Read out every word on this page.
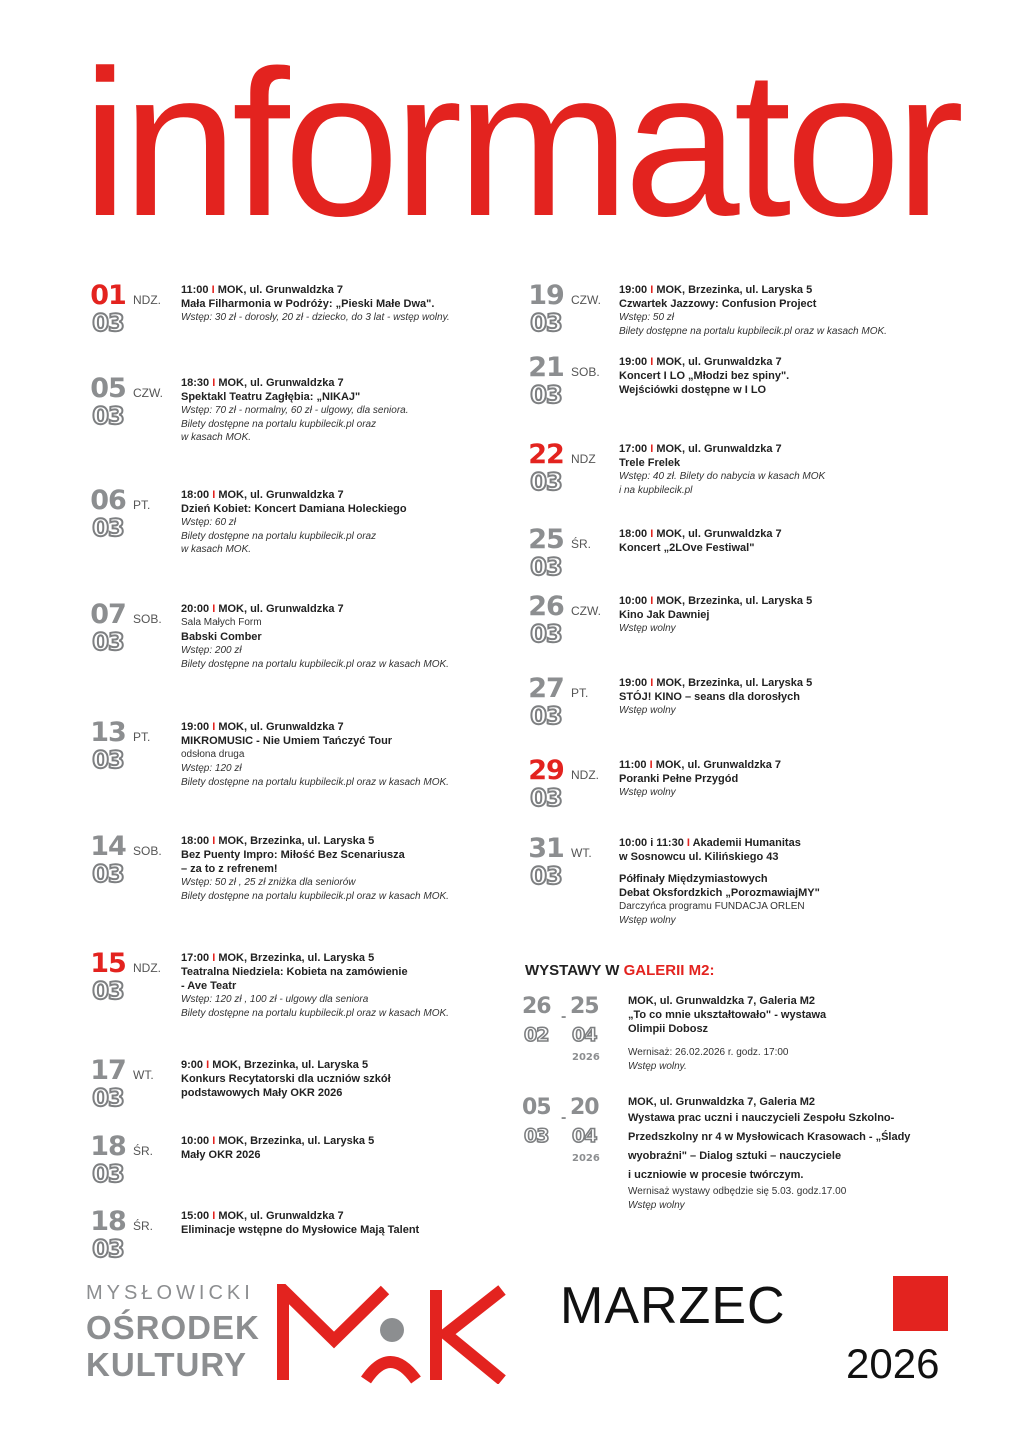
informator
01
03
NDZ.
11:00 I MOK, ul. Grunwaldzka 7
Mała Filharmonia w Podróży: „Pieski Małe Dwa".
Wstęp: 30 zł - dorosły, 20 zł - dziecko, do 3 lat - wstęp wolny.
05
03
CZW.
18:30 I MOK, ul. Grunwaldzka 7
Spektakl Teatru Zagłębia: „NIKAJ"
Wstęp: 70 zł - normalny, 60 zł - ulgowy, dla seniora.
Bilety dostępne na portalu kupbilecik.pl oraz
w kasach MOK.
06
03
PT.
18:00 I MOK, ul. Grunwaldzka 7
Dzień Kobiet: Koncert Damiana Holeckiego
Wstęp: 60 zł
Bilety dostępne na portalu kupbilecik.pl oraz
w kasach MOK.
07
03
SOB.
20:00 I MOK, ul. Grunwaldzka 7
Sala Małych Form
Babski Comber
Wstęp: 200 zł
Bilety dostępne na portalu kupbilecik.pl oraz w kasach MOK.
13
03
PT.
19:00 I MOK, ul. Grunwaldzka 7
MIKROMUSIC - Nie Umiem Tańczyć Tour
odsłona druga
Wstęp: 120 zł
Bilety dostępne na portalu kupbilecik.pl oraz w kasach MOK.
14
03
SOB.
18:00 I MOK, Brzezinka, ul. Laryska 5
Bez Puenty Impro: Miłość Bez Scenariusza
– za to z refrenem!
Wstęp: 50 zł , 25 zł zniżka dla seniorów
Bilety dostępne na portalu kupbilecik.pl oraz w kasach MOK.
15
03
NDZ.
17:00 I MOK, Brzezinka, ul. Laryska 5
Teatralna Niedziela: Kobieta na zamówienie
- Ave Teatr
Wstęp: 120 zł , 100 zł - ulgowy dla seniora
Bilety dostępne na portalu kupbilecik.pl oraz w kasach MOK.
17
03
WT.
9:00 I MOK, Brzezinka, ul. Laryska 5
Konkurs Recytatorski dla uczniów szkół
podstawowych Mały OKR 2026
18
03
ŚR.
10:00 I MOK, Brzezinka, ul. Laryska 5
Mały OKR 2026
18
03
ŚR.
15:00 I MOK, ul. Grunwaldzka 7
Eliminacje wstępne do Mysłowice Mają Talent
19
03
CZW.
19:00 I MOK, Brzezinka, ul. Laryska 5
Czwartek Jazzowy: Confusion Project
Wstęp: 50 zł
Bilety dostępne na portalu kupbilecik.pl oraz w kasach MOK.
21
03
SOB.
19:00 I MOK, ul. Grunwaldzka 7
Koncert I LO „Młodzi bez spiny".
Wejściówki dostępne w I LO
22
03
NDZ
17:00 I MOK, ul. Grunwaldzka 7
Trele Frelek
Wstęp: 40 zł. Bilety do nabycia w kasach MOK
i na kupbilecik.pl
25
03
ŚR.
18:00 I MOK, ul. Grunwaldzka 7
Koncert „2LOve Festiwal"
26
03
CZW.
10:00 I MOK, Brzezinka, ul. Laryska 5
Kino Jak Dawniej
Wstęp wolny
27
03
PT.
19:00 I MOK, Brzezinka, ul. Laryska 5
STÓJ! KINO – seans dla dorosłych
Wstęp wolny
29
03
NDZ.
11:00 I MOK, ul. Grunwaldzka 7
Poranki Pełne Przygód
Wstęp wolny
31
03
WT.
10:00 i 11:30 I Akademii Humanitas
w Sosnowcu ul. Kilińskiego 43
Półfinały Międzymiastowych
Debat Oksfordzkich „PorozmawiajMY"
Darczyńca programu FUNDACJA ORLEN
Wstęp wolny
WYSTAWY W GALERII M2:
26 25
02 04
-
2026
MOK, ul. Grunwaldzka 7, Galeria M2
„To co mnie ukształtowało" - wystawa
Olimpii Dobosz
Wernisaż: 26.02.2026 r. godz. 17:00
Wstęp wolny.
05 20
03 04
-
2026
MOK, ul. Grunwaldzka 7, Galeria M2
Wystawa prac uczni i nauczycieli Zespołu Szkolno-
Przedszkolny nr 4 w Mysłowicach Krasowach - „Ślady
wyobraźni" – Dialog sztuki – nauczyciele
i uczniowie w procesie twórczym.
Wernisaż wystawy odbędzie się 5.03. godz.17.00
Wstęp wolny
MYSŁOWICKI
OŚRODEK
KULTURY
MARZEC
2026
